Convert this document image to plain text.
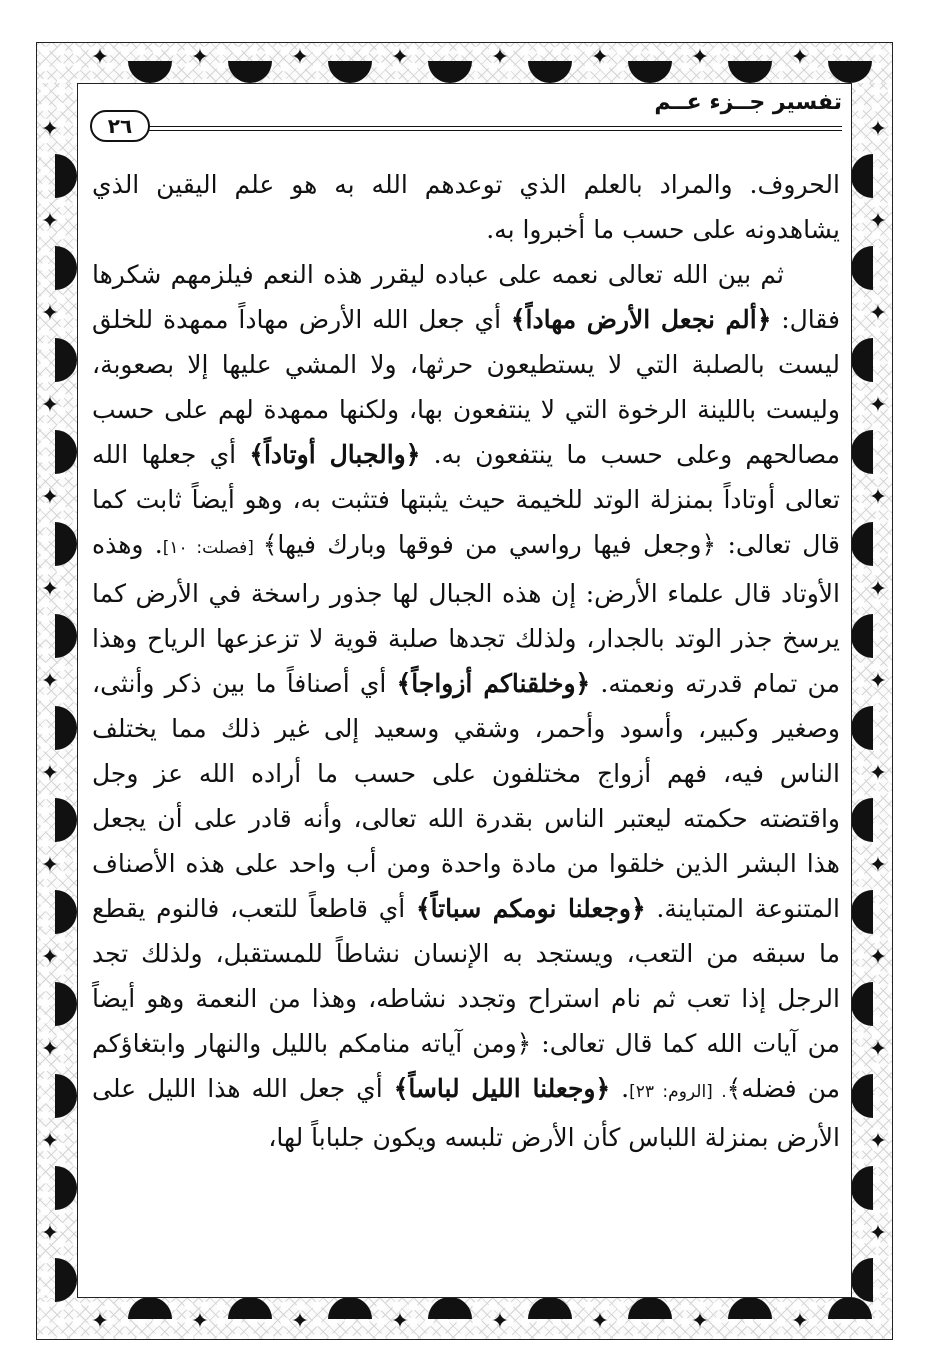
✦
✦
✦
✦
✦
✦
✦
✦
✦
✦
✦
✦
✦
✦
✦
✦
✦	✦
✦	✦
✦	✦
✦	✦
✦	✦
✦	✦
✦	✦
✦	✦
✦	✦
✦	✦
✦	✦
✦	✦
✦	✦
تفسير جــزء عــم
٢٦

الحروف. والمراد بالعلم الذي توعدهم الله به هو علم اليقين الذي يشاهدونه على حسب ما أخبروا به.

ثم بين الله تعالى نعمه على عباده ليقرر هذه النعم فيلزمهم شكرها فقال: ﴿ألم نجعل الأرض مهاداً﴾ أي جعل الله الأرض مهاداً ممهدة للخلق ليست بالصلبة التي لا يستطيعون حرثها، ولا المشي عليها إلا بصعوبة، وليست باللينة الرخوة التي لا ينتفعون بها، ولكنها ممهدة لهم على حسب مصالحهم وعلى حسب ما ينتفعون به. ﴿والجبال أوتاداً﴾ أي جعلها الله تعالى أوتاداً بمنزلة الوتد للخيمة حيث يثبتها فتثبت به، وهو أيضاً ثابت كما قال تعالى: ﴿وجعل فيها رواسي من فوقها وبارك فيها﴾ [فصلت: ١٠]. وهذه الأوتاد قال علماء الأرض: إن هذه الجبال لها جذور راسخة في الأرض كما يرسخ جذر الوتد بالجدار، ولذلك تجدها صلبة قوية لا تزعزعها الرياح وهذا من تمام قدرته ونعمته. ﴿وخلقناكم أزواجاً﴾ أي أصنافاً ما بين ذكر وأنثى، وصغير وكبير، وأسود وأحمر، وشقي وسعيد إلى غير ذلك مما يختلف الناس فيه، فهم أزواج مختلفون على حسب ما أراده الله عز وجل واقتضته حكمته ليعتبر الناس بقدرة الله تعالى، وأنه قادر على أن يجعل هذا البشر الذين خلقوا من مادة واحدة ومن أب واحد على هذه الأصناف المتنوعة المتباينة. ﴿وجعلنا نومكم سباتاً﴾ أي قاطعاً للتعب، فالنوم يقطع ما سبقه من التعب، ويستجد به الإنسان نشاطاً للمستقبل، ولذلك تجد الرجل إذا تعب ثم نام استراح وتجدد نشاطه، وهذا من النعمة وهو أيضاً من آيات الله كما قال تعالى: ﴿ومن آياته منامكم بالليل والنهار وابتغاؤكم من فضله﴾. [الروم: ٢٣]. ﴿وجعلنا الليل لباساً﴾ أي جعل الله هذا الليل على الأرض بمنزلة اللباس كأن الأرض تلبسه ويكون جلباباً لها،
